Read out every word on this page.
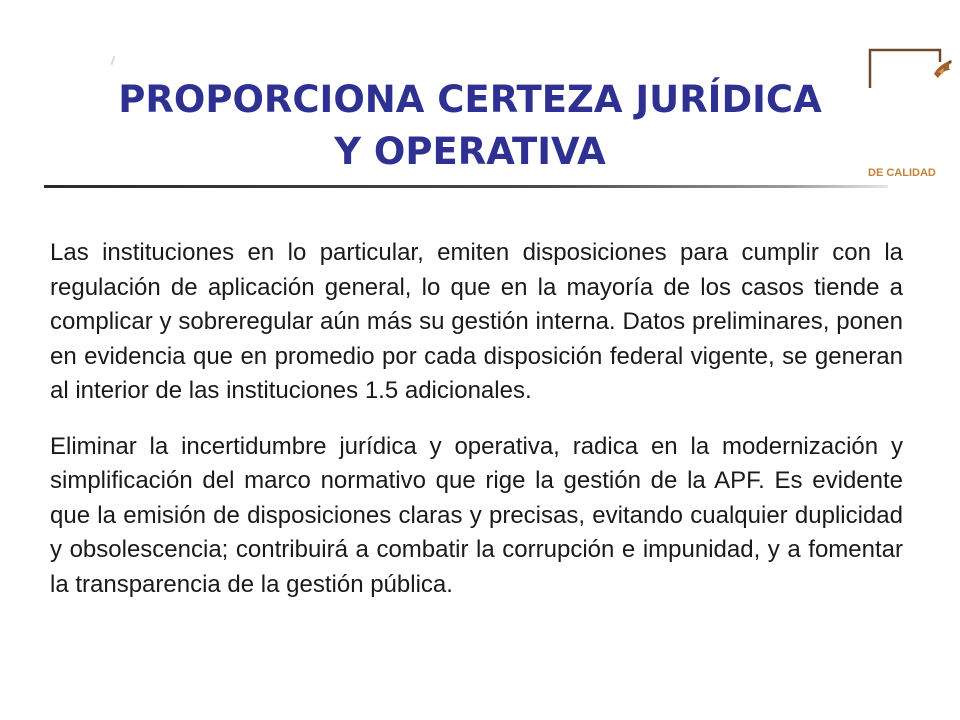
PROPORCIONA CERTEZA JURÍDICA
Y OPERATIVA	DE CALIDAD

Las instituciones en lo particular, emiten disposiciones para cumplir con la regulación de aplicación general, lo que en la mayoría de los casos tiende a complicar y sobreregular aún más su gestión interna. Datos preliminares, ponen en evidencia que en promedio por cada disposición federal vigente, se generan al interior de las instituciones 1.5 adicionales.

Eliminar la incertidumbre jurídica y operativa, radica en la modernización y simplificación del marco normativo que rige la gestión de la APF. Es evidente que la emisión de disposiciones claras y precisas, evitando cualquier duplicidad y obsolescencia; contribuirá a combatir la corrupción e impunidad, y a fomentar la transparencia de la gestión pública.
